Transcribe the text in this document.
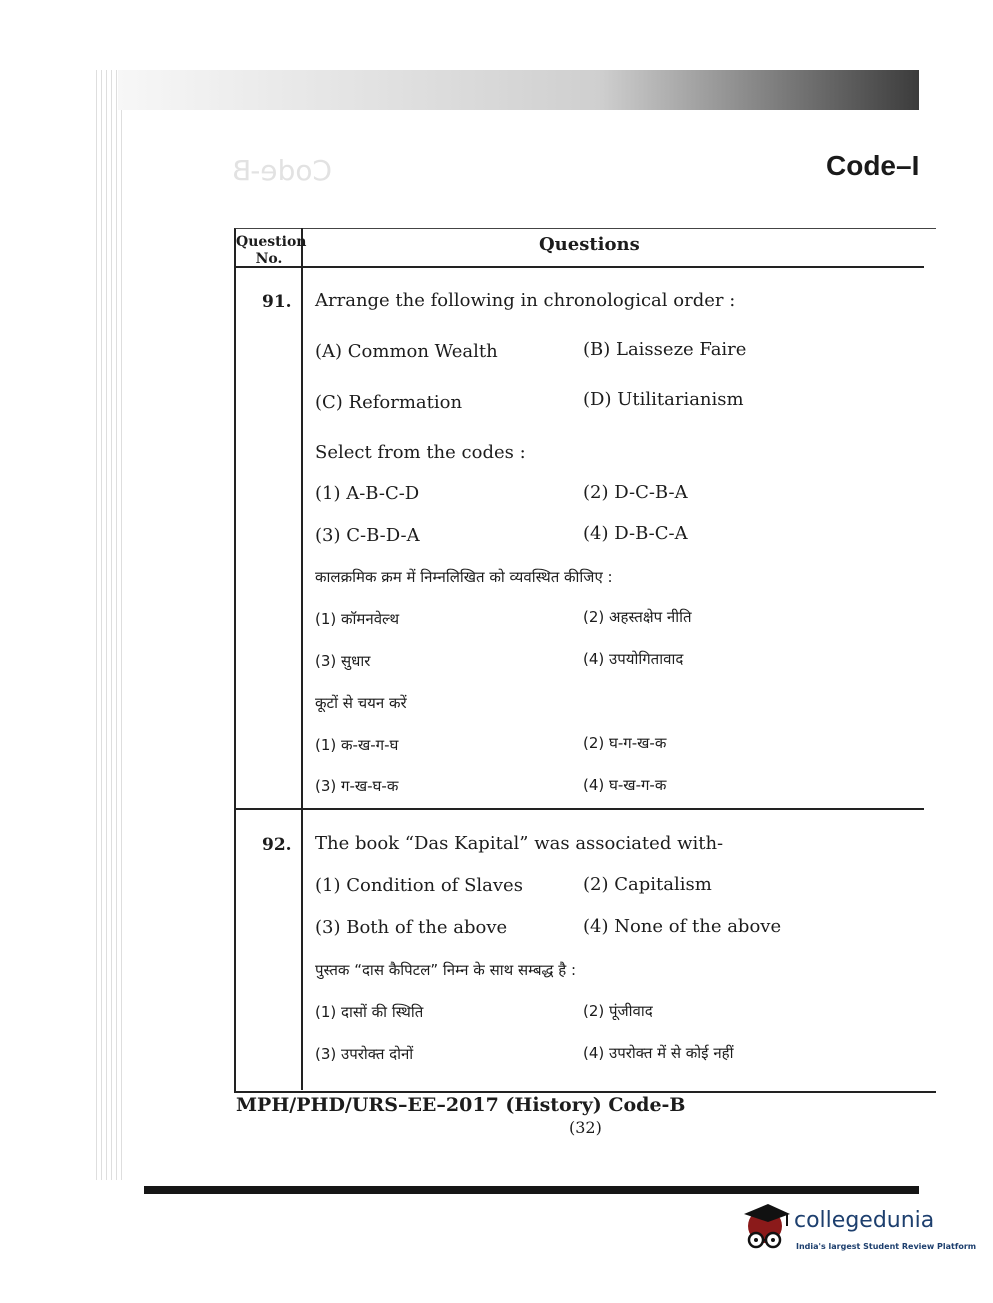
Code-B	Code–I
Question No.
Questions
91. Arrange the following in chronological order :
(A) Common Wealth	(B) Laisseze Faire
(C) Reformation	(D) Utilitarianism
Select from the codes :
(1) A-B-C-D	(2) D-C-B-A
(3) C-B-D-A	(4) D-B-C-A
कालक्रमिक क्रम में निम्नलिखित को व्यवस्थित कीजिए :
(1) कॉमनवेल्थ	(2) अहस्तक्षेप नीति
(3) सुधार	(4) उपयोगितावाद
कूटों से चयन करें
(1) क-ख-ग-घ	(2) घ-ग-ख-क
(3) ग-ख-घ-क	(4) घ-ख-ग-क
92. The book “Das Kapital” was associated with-
(1) Condition of Slaves	(2) Capitalism
(3) Both of the above	(4) None of the above
पुस्तक “दास कैपिटल” निम्न के साथ सम्बद्ध है :
(1) दासों की स्थिति	(2) पूंजीवाद
(3) उपरोक्त दोनों	(4) उपरोक्त में से कोई नहीं
MPH/PHD/URS–EE–2017 (History) Code-B
(32)
collegedunia
India's largest Student Review Platform
